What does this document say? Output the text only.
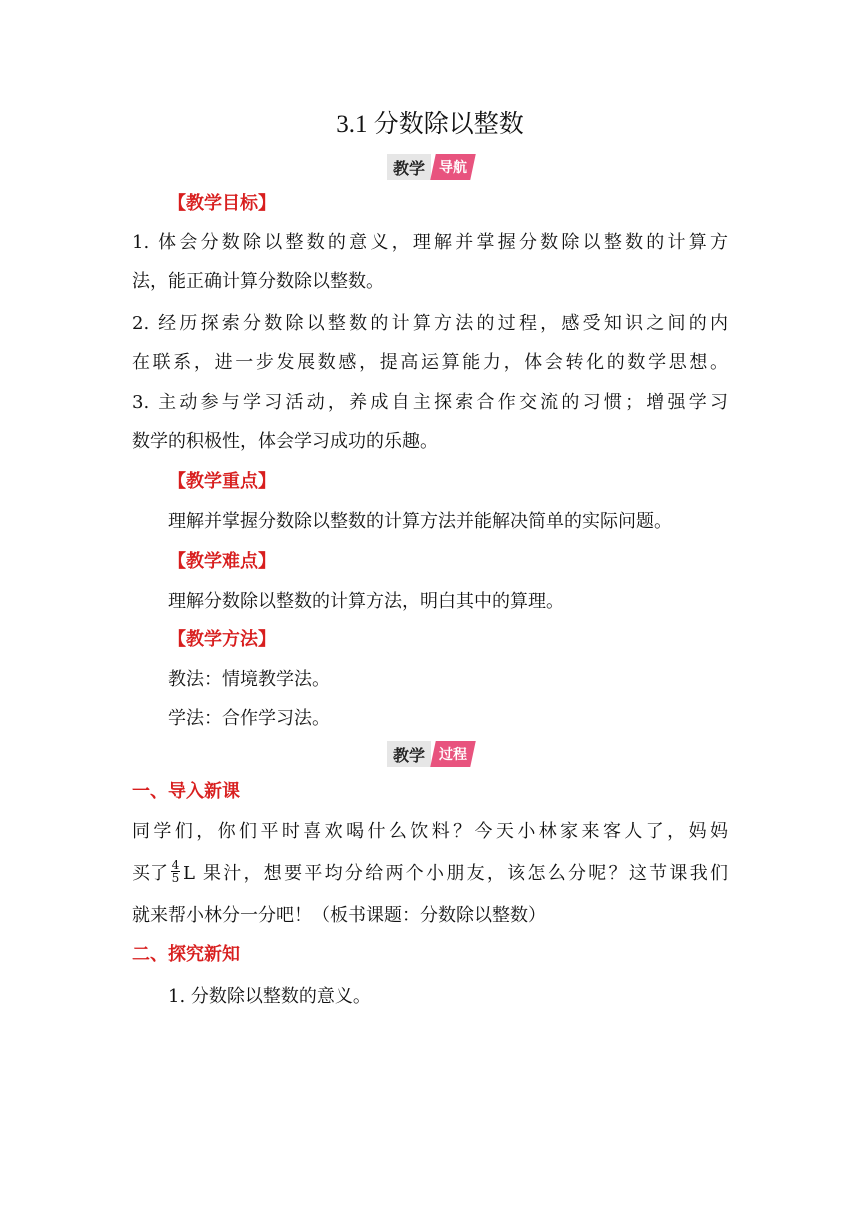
3.1 分数除以整数
教学	导航
【教学目标】
1. 体会分数除以整数的意义，理解并掌握分数除以整数的计算方
法，能正确计算分数除以整数。
2. 经历探索分数除以整数的计算方法的过程，感受知识之间的内
在联系，进一步发展数感，提高运算能力，体会转化的数学思想。
3. 主动参与学习活动，养成自主探索合作交流的习惯；增强学习
数学的积极性，体会学习成功的乐趣。
【教学重点】
理解并掌握分数除以整数的计算方法并能解决简单的实际问题。
【教学难点】
理解分数除以整数的计算方法，明白其中的算理。
【教学方法】
教法：情境教学法。
学法：合作学习法。
教学	过程
一、导入新课
同学们，你们平时喜欢喝什么饮料？今天小林家来客人了，妈妈
买了 $\frac{4}{5}$ L 果汁，想要平均分给两个小朋友，该怎么分呢？这节课我们
就来帮小林分一分吧！（板书课题：分数除以整数）
二、探究新知
1. 分数除以整数的意义。
